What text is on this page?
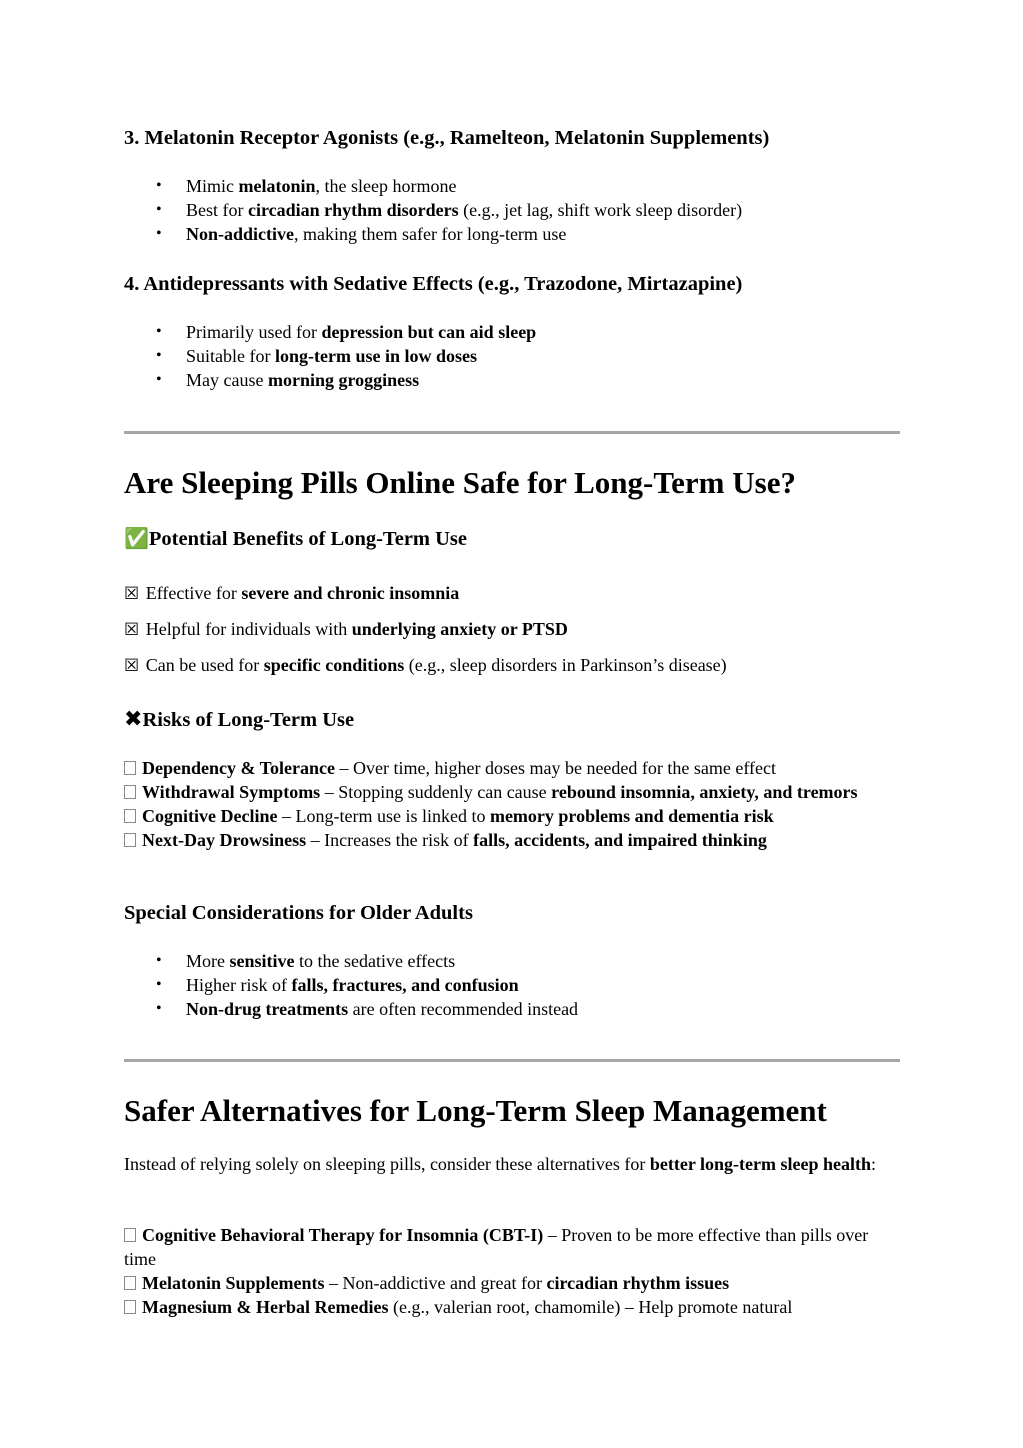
3. Melatonin Receptor Agonists (e.g., Ramelteon, Melatonin Supplements)
• Mimic melatonin, the sleep hormone
• Best for circadian rhythm disorders (e.g., jet lag, shift work sleep disorder)
• Non-addictive, making them safer for long-term use
4. Antidepressants with Sedative Effects (e.g., Trazodone, Mirtazapine)
• Primarily used for depression but can aid sleep
• Suitable for long-term use in low doses
• May cause morning grogginess
Are Sleeping Pills Online Safe for Long-Term Use?
✅Potential Benefits of Long-Term Use
☒ Effective for severe and chronic insomnia
☒ Helpful for individuals with underlying anxiety or PTSD
☒ Can be used for specific conditions (e.g., sleep disorders in Parkinson’s disease)
✖Risks of Long-Term Use
Dependency & Tolerance – Over time, higher doses may be needed for the same effect
Withdrawal Symptoms – Stopping suddenly can cause rebound insomnia, anxiety, and tremors
Cognitive Decline – Long-term use is linked to memory problems and dementia risk
Next-Day Drowsiness – Increases the risk of falls, accidents, and impaired thinking
Special Considerations for Older Adults
• More sensitive to the sedative effects
• Higher risk of falls, fractures, and confusion
• Non-drug treatments are often recommended instead
Safer Alternatives for Long-Term Sleep Management
Instead of relying solely on sleeping pills, consider these alternatives for better long-term sleep health:
Cognitive Behavioral Therapy for Insomnia (CBT-I) – Proven to be more effective than pills over time
Melatonin Supplements – Non-addictive and great for circadian rhythm issues
Magnesium & Herbal Remedies (e.g., valerian root, chamomile) – Help promote natural
